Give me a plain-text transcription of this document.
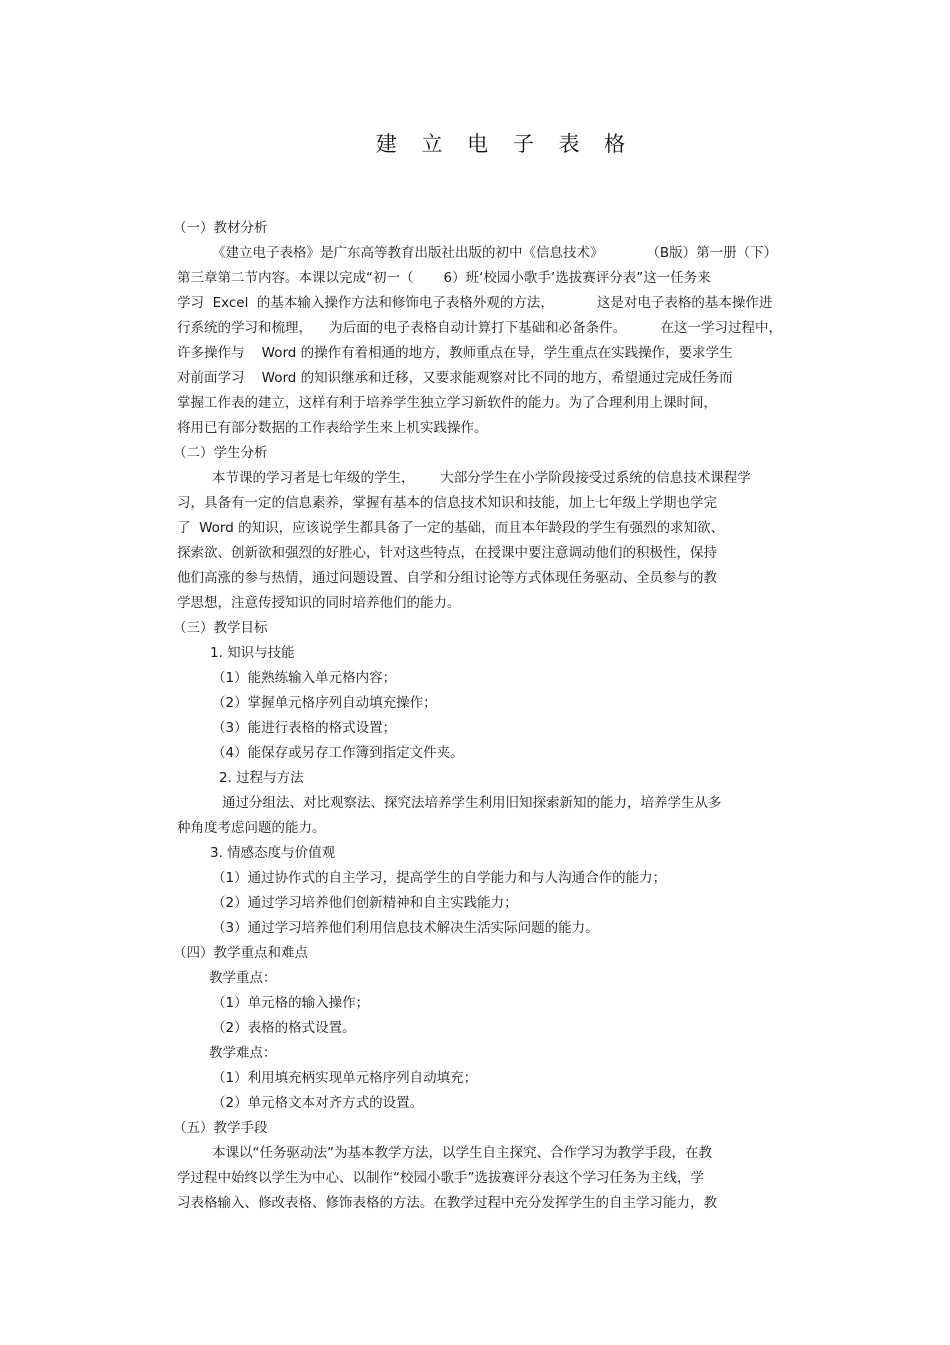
建 立 电 子 表 格
（一）教材分析
《建立电子表格》是广东高等教育出版社出版的初中《信息技术》          （B版）第一册（下）
第三章第二节内容。本课以完成“初一（       6）班‘校园小歌手’选拔赛评分表”这一任务来
学习  Excel  的基本输入操作方法和修饰电子表格外观的方法，          这是对电子表格的基本操作进
行系统的学习和梳理，    为后面的电子表格自动计算打下基础和必备条件。        在这一学习过程中，
许多操作与    Word 的操作有着相通的地方，教师重点在导，学生重点在实践操作，要求学生
对前面学习    Word 的知识继承和迁移，又要求能观察对比不同的地方，希望通过完成任务而
掌握工作表的建立，这样有利于培养学生独立学习新软件的能力。为了合理利用上课时间，
将用已有部分数据的工作表给学生来上机实践操作。
（二）学生分析
本节课的学习者是七年级的学生，      大部分学生在小学阶段接受过系统的信息技术课程学
习，具备有一定的信息素养，掌握有基本的信息技术知识和技能，加上七年级上学期也学完
了  Word 的知识，应该说学生都具备了一定的基础，而且本年龄段的学生有强烈的求知欲、
探索欲、创新欲和强烈的好胜心，针对这些特点，在授课中要注意调动他们的积极性，保持
他们高涨的参与热情，通过问题设置、自学和分组讨论等方式体现任务驱动、全员参与的教
学思想，注意传授知识的同时培养他们的能力。
（三）教学目标
1. 知识与技能
（1）能熟练输入单元格内容；
（2）掌握单元格序列自动填充操作；
（3）能进行表格的格式设置；
（4）能保存或另存工作簿到指定文件夹。
2. 过程与方法
通过分组法、对比观察法、探究法培养学生利用旧知探索新知的能力，培养学生从多
种角度考虑问题的能力。
3. 情感态度与价值观
（1）通过协作式的自主学习，提高学生的自学能力和与人沟通合作的能力；
（2）通过学习培养他们创新精神和自主实践能力；
（3）通过学习培养他们利用信息技术解决生活实际问题的能力。
（四）教学重点和难点
教学重点：
（1）单元格的输入操作；
（2）表格的格式设置。
教学难点：
（1）利用填充柄实现单元格序列自动填充；
（2）单元格文本对齐方式的设置。
（五）教学手段
本课以“任务驱动法”为基本教学方法，以学生自主探究、合作学习为教学手段，在教
学过程中始终以学生为中心、以制作“校园小歌手”选拔赛评分表这个学习任务为主线，学
习表格输入、修改表格、修饰表格的方法。在教学过程中充分发挥学生的自主学习能力，教
